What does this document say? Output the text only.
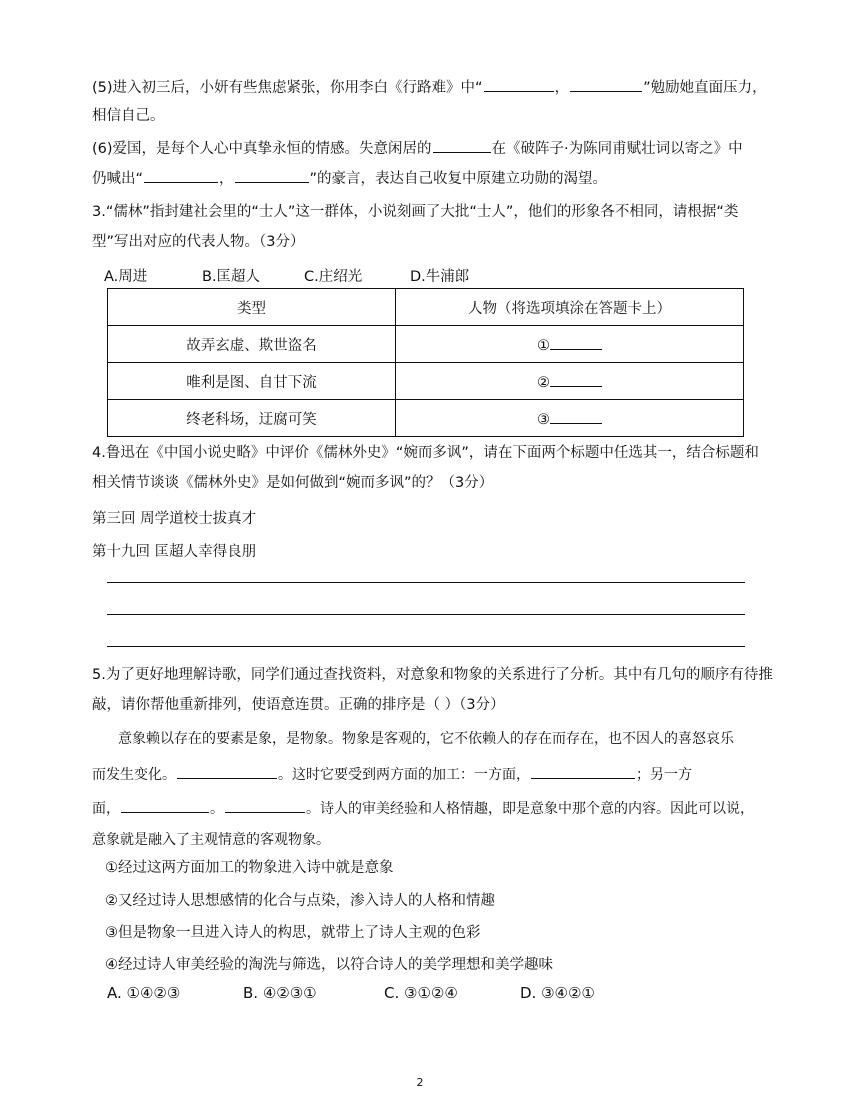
(5)进入初三后，小妍有些焦虑紧张，你用李白《行路难》中“	，	”勉励她直面压力，
相信自己。
(6)爱国，是每个人心中真挚永恒的情感。失意闲居的	在《破阵子·为陈同甫赋壮词以寄之》中
仍喊出“	，	”的豪言，表达自己收复中原建立功勋的渴望。
3.“儒林”指封建社会里的“士人”这一群体，小说刻画了大批“士人”，他们的形象各不相同，请根据“类
型”写出对应的代表人物。（3分）
A.周进	B.匡超人	C.庄绍光	D.牛浦郎
类型	人物（将选项填涂在答题卡上）
故弄玄虚、欺世盗名	①
唯利是图、自甘下流	②
终老科场，迂腐可笑	③
4.鲁迅在《中国小说史略》中评价《儒林外史》“婉而多讽”，请在下面两个标题中任选其一，结合标题和
相关情节谈谈《儒林外史》是如何做到“婉而多讽”的？（3分）
第三回 周学道校士拔真才
第十九回 匡超人幸得良朋
5.为了更好地理解诗歌，同学们通过查找资料，对意象和物象的关系进行了分析。其中有几句的顺序有待推
敲，请你帮他重新排列，使语意连贯。正确的排序是（ ）（3分）
意象赖以存在的要素是象，是物象。物象是客观的，它不依赖人的存在而存在，也不因人的喜怒哀乐
而发生变化。	。这时它要受到两方面的加工：一方面，	；另一方
面，	。	。诗人的审美经验和人格情趣，即是意象中那个意的内容。因此可以说，
意象就是融入了主观情意的客观物象。
①经过这两方面加工的物象进入诗中就是意象
②又经过诗人思想感情的化合与点染，渗入诗人的人格和情趣
③但是物象一旦进入诗人的构思，就带上了诗人主观的色彩
④经过诗人审美经验的淘洗与筛选，以符合诗人的美学理想和美学趣味
A. ①④②③	B. ④②③①	C. ③①②④	D. ③④②①
2
